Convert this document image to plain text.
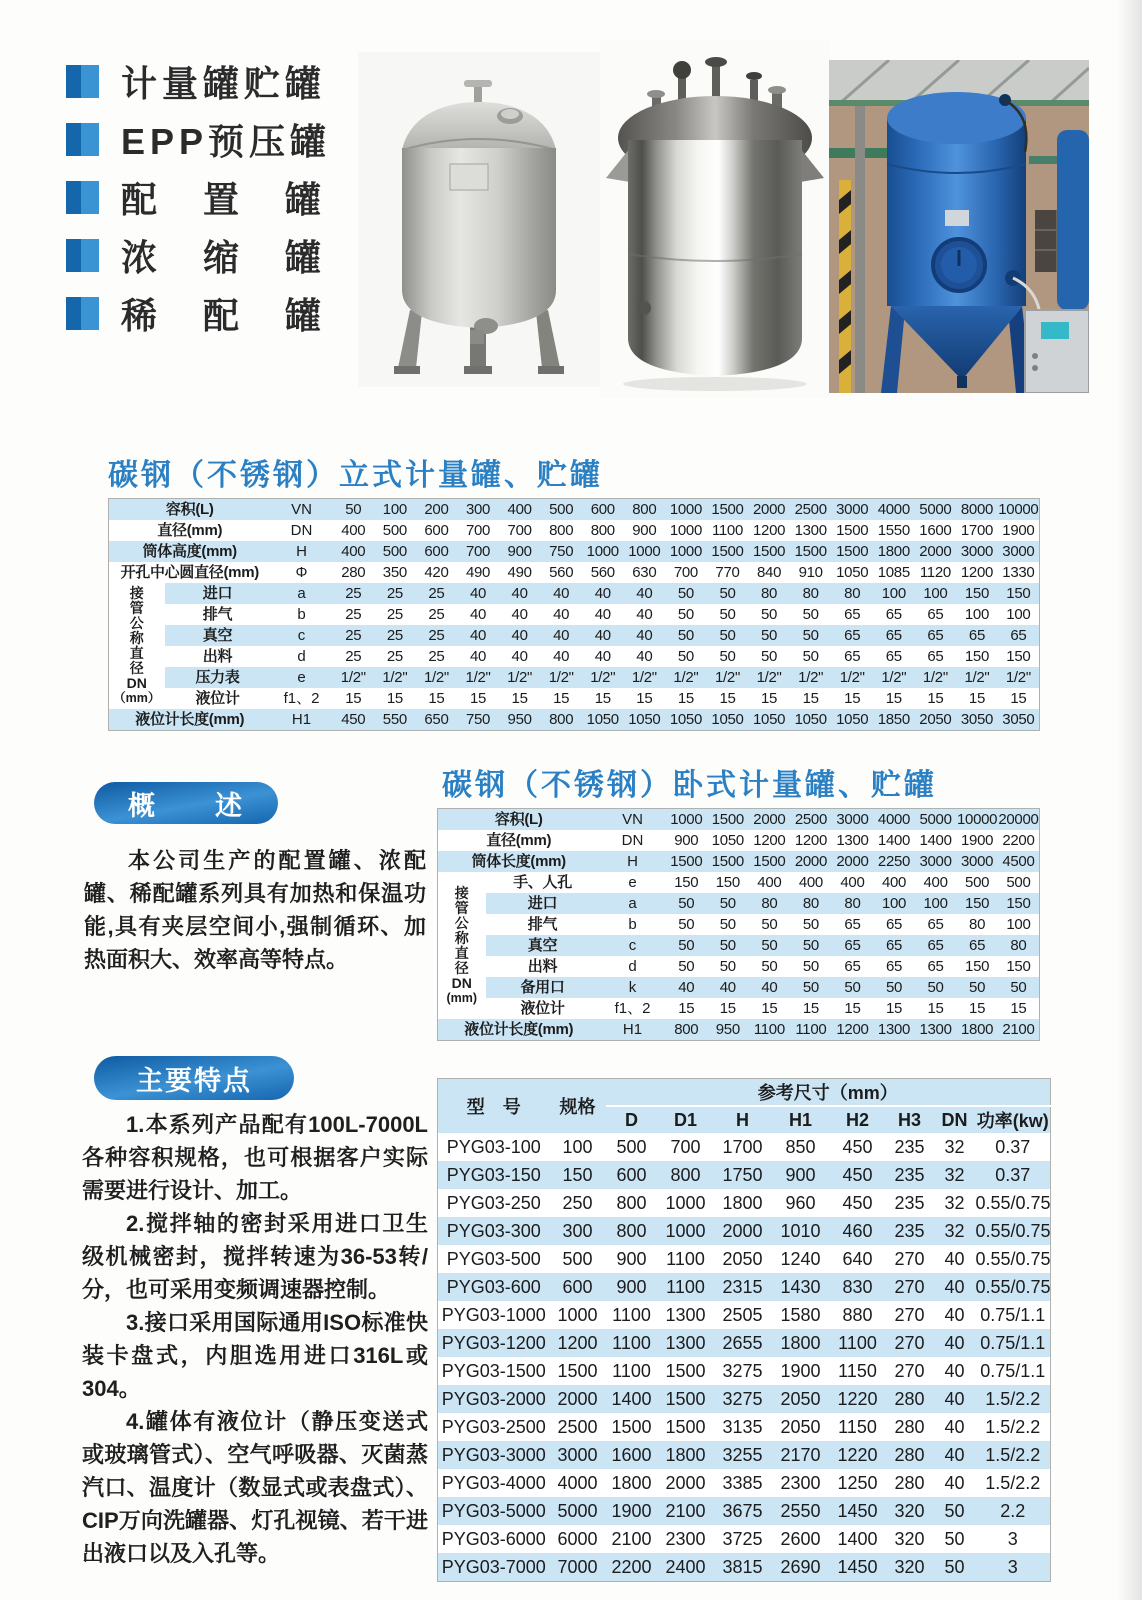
计量罐贮罐
EPP预压罐
配　置　罐
浓　缩　罐
稀　配　罐
碳钢（不锈钢）立式计量罐、贮罐
容积(L)		VN	50	100	200	300	400	500	600	800	1000	1500	2000	2500	3000	4000	5000	8000	10000
直径(mm)		DN	400	500	600	700	700	800	800	900	1000	1100	1200	1300	1500	1550	1600	1700	1900
筒体高度(mm)		H	400	500	600	700	900	750	1000	1000	1000	1500	1500	1500	1500	1800	2000	3000	3000
开孔中心圆直径(mm)		Φ	280	350	420	490	490	560	560	630	700	770	840	910	1050	1085	1120	1200	1330

接
管
公
称
直
径
DN
（mm）
	进口	a	25	25	25	40	40	40	40	40	50	50	80	80	80	100	100	150	150
	排气	b	25	25	25	40	40	40	40	40	50	50	50	50	65	65	65	100	100
	真空	c	25	25	25	40	40	40	40	40	50	50	50	50	65	65	65	65	65
	出料	d	25	25	25	40	40	40	40	40	50	50	50	50	65	65	65	150	150
	压力表	e	1/2"	1/2"	1/2"	1/2"	1/2"	1/2"	1/2"	1/2"	1/2"	1/2"	1/2"	1/2"	1/2"	1/2"	1/2"	1/2"	1/2"
	液位计	f1、2	15	15	15	15	15	15	15	15	15	15	15	15	15	15	15	15	15
液位计长度(mm)		H1	450	550	650	750	950	800	1050	1050	1050	1050	1050	1050	1050	1850	2050	3050	3050
概　　述

本公司生产的配置罐、浓配罐、稀配罐系列具有加热和保温功能,具有夹层空间小,强制循环、加热面积大、效率高等特点。

碳钢（不锈钢）卧式计量罐、贮罐
容积(L)		VN	1000	1500	2000	2500	3000	4000	5000	10000	20000
直径(mm)		DN	900	1050	1200	1200	1300	1400	1400	1900	2200
筒体长度(mm)		H	1500	1500	1500	2000	2000	2250	3000	3000	4500

接
管
公
称
直
径
DN
(mm)
	手、人孔	e	150	150	400	400	400	400	400	500	500
	进口	a	50	50	80	80	80	100	100	150	150
	排气	b	50	50	50	50	65	65	65	80	100
	真空	c	50	50	50	50	65	65	65	65	80
	出料	d	50	50	50	50	65	65	65	150	150
	备用口	k	40	40	40	50	50	50	50	50	50
	液位计	f1、2	15	15	15	15	15	15	15	15	15
液位计长度(mm)		H1	800	950	1100	1100	1200	1300	1300	1800	2100
主要特点

1.本系列产品配有100L-7000L各种容积规格，也可根据客户实际需要进行设计、加工。

2.搅拌轴的密封采用进口卫生级机械密封，搅拌转速为36-53转/分，也可采用变频调速器控制。

3.接口采用国际通用ISO标准快装卡盘式，内胆选用进口316L或304。

4.罐体有液位计（静压变送式或玻璃管式）、空气呼吸器、灭菌蒸汽口、温度计（数显式或表盘式）、CIP万向洗罐器、灯孔视镜、若干进出液口以及入孔等。

型　号	规格	参考尺寸（mm）							
		D	D1	H	H1	H2	H3	DN	功率(kw)
PYG03-100	100	500	700	1700	850	450	235	32	0.37
PYG03-150	150	600	800	1750	900	450	235	32	0.37
PYG03-250	250	800	1000	1800	960	450	235	32	0.55/0.75
PYG03-300	300	800	1000	2000	1010	460	235	32	0.55/0.75
PYG03-500	500	900	1100	2050	1240	640	270	40	0.55/0.75
PYG03-600	600	900	1100	2315	1430	830	270	40	0.55/0.75
PYG03-1000	1000	1100	1300	2505	1580	880	270	40	0.75/1.1
PYG03-1200	1200	1100	1300	2655	1800	1100	270	40	0.75/1.1
PYG03-1500	1500	1100	1500	3275	1900	1150	270	40	0.75/1.1
PYG03-2000	2000	1400	1500	3275	2050	1220	280	40	1.5/2.2
PYG03-2500	2500	1500	1500	3135	2050	1150	280	40	1.5/2.2
PYG03-3000	3000	1600	1800	3255	2170	1220	280	40	1.5/2.2
PYG03-4000	4000	1800	2000	3385	2300	1250	280	40	1.5/2.2
PYG03-5000	5000	1900	2100	3675	2550	1450	320	50	2.2
PYG03-6000	6000	2100	2300	3725	2600	1400	320	50	3
PYG03-7000	7000	2200	2400	3815	2690	1450	320	50	3
